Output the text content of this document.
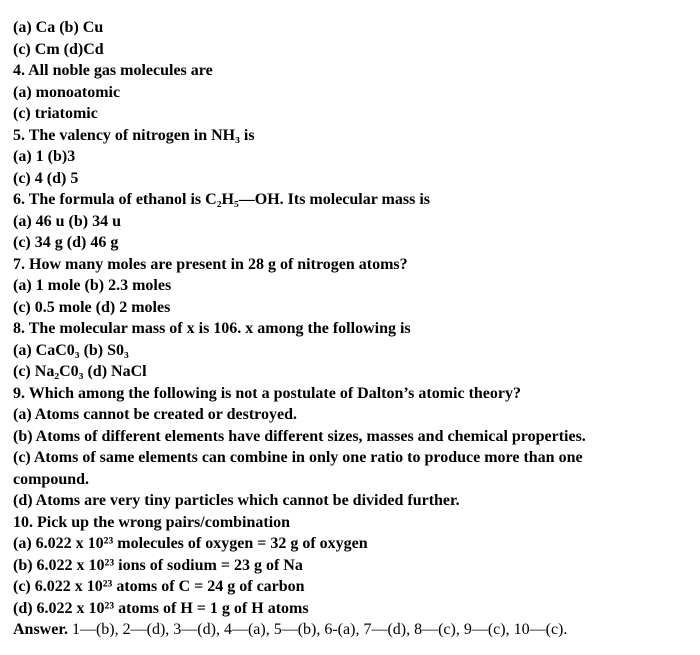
(a) Ca (b) Cu
(c) Cm (d)Cd
4. All noble gas molecules are
(a) monoatomic
(c) triatomic
5. The valency of nitrogen in NH₃ is
(a) 1 (b)3
(c) 4 (d) 5
6. The formula of ethanol is C₂H₅—OH. Its molecular mass is
(a) 46 u (b) 34 u
(c) 34 g (d) 46 g
7. How many moles are present in 28 g of nitrogen atoms?
(a) 1 mole (b) 2.3 moles
(c) 0.5 mole (d) 2 moles
8. The molecular mass of x is 106. x among the following is
(a) CaC0₃ (b) S0₃
(c) Na₂C0₃ (d) NaCl
9. Which among the following is not a postulate of Dalton’s atomic theory?
(a) Atoms cannot be created or destroyed.
(b) Atoms of different elements have different sizes, masses and chemical properties.
(c) Atoms of same elements can combine in only one ratio to produce more than one
compound.
(d) Atoms are very tiny particles which cannot be divided further.
10. Pick up the wrong pairs/combination
(a) 6.022 x 10²³ molecules of oxygen = 32 g of oxygen
(b) 6.022 x 10²³ ions of sodium = 23 g of Na
(c) 6.022 x 10²³ atoms of C = 24 g of carbon
(d) 6.022 x 10²³ atoms of H = 1 g of H atoms
Answer. 1—(b), 2—(d), 3—(d), 4—(a), 5—(b), 6-(a), 7—(d), 8—(c), 9—(c), 10—(c).
